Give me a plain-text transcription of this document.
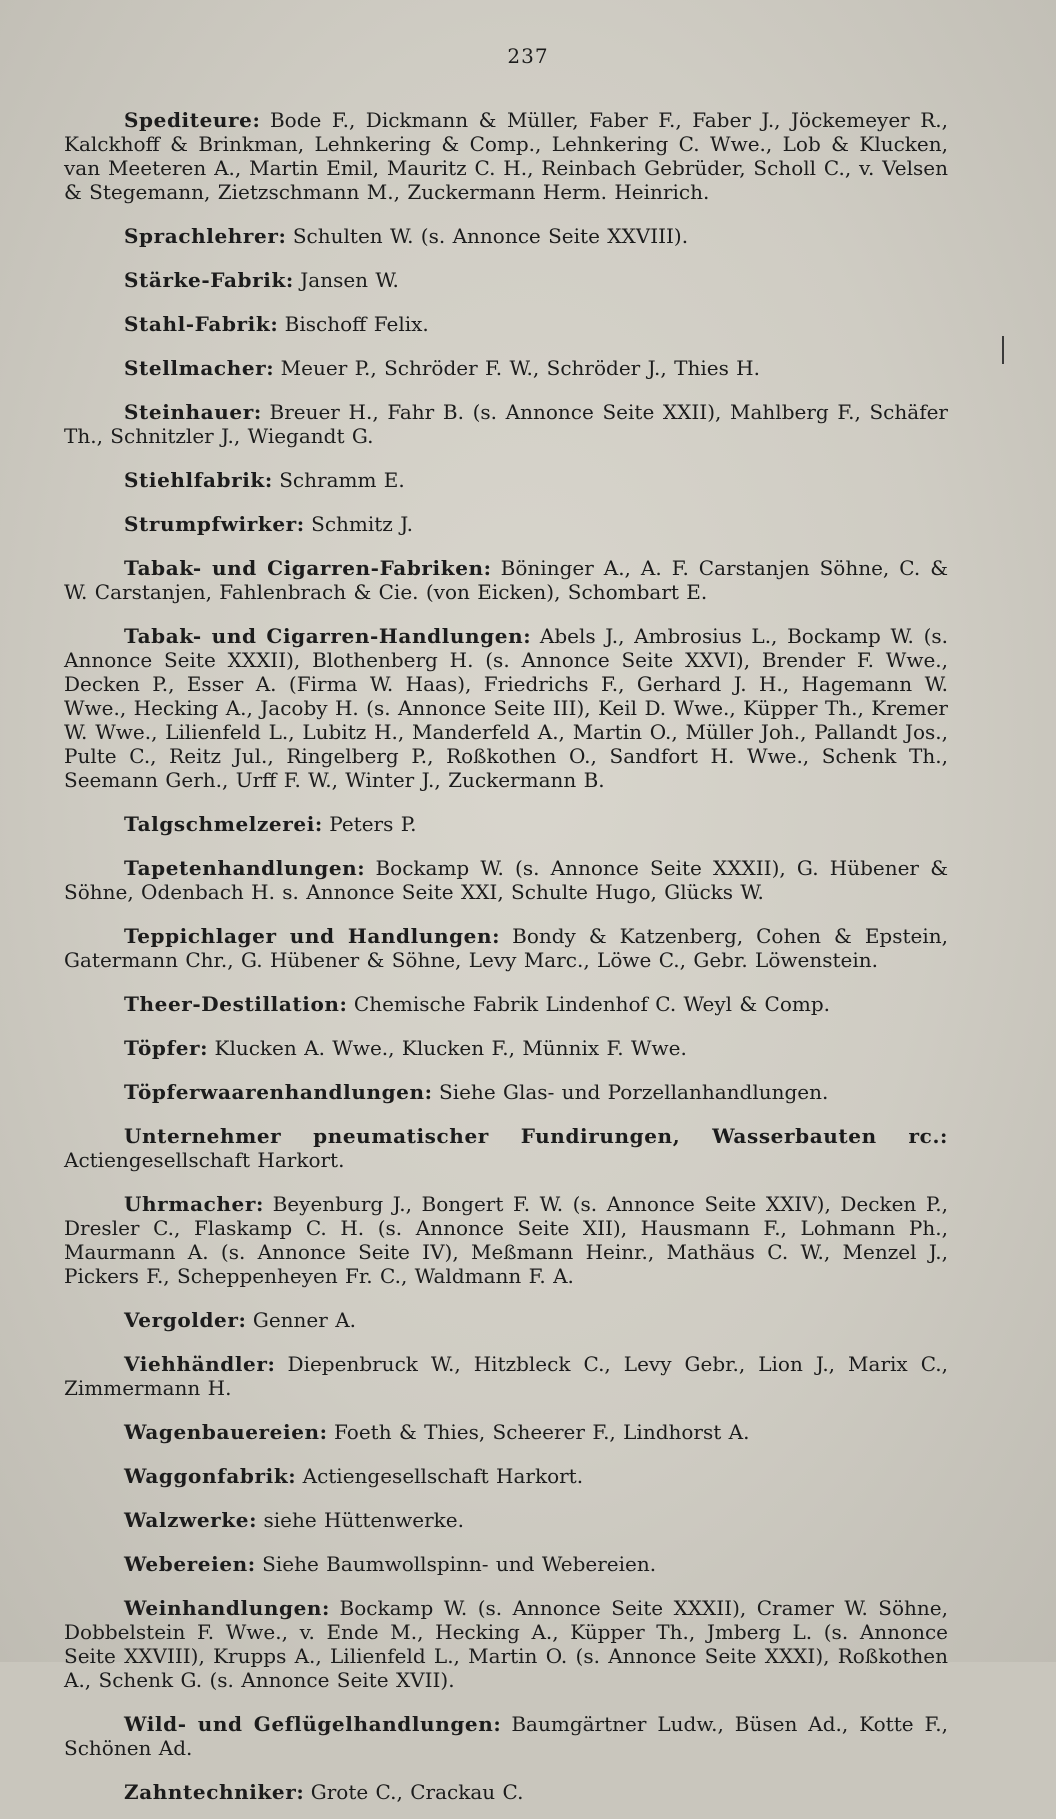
237

Spediteure: Bode F., Dickmann & Müller, Faber F., Faber J., Jöckemeyer R., Kalckhoff & Brinkman, Lehnkering & Comp., Lehnkering C. Wwe., Lob & Klucken, van Meeteren A., Martin Emil, Mauritz C. H., Reinbach Gebrüder, Scholl C., v. Velsen & Stegemann, Zietzschmann M., Zuckermann Herm. Heinrich.

Sprachlehrer: Schulten W. (s. Annonce Seite XXVIII).

Stärke-Fabrik: Jansen W.

Stahl-Fabrik: Bischoff Felix.

Stellmacher: Meuer P., Schröder F. W., Schröder J., Thies H.

Steinhauer: Breuer H., Fahr B. (s. Annonce Seite XXII), Mahlberg F., Schäfer Th., Schnitzler J., Wiegandt G.

Stiehlfabrik: Schramm E.

Strumpfwirker: Schmitz J.

Tabak- und Cigarren-Fabriken: Böninger A., A. F. Carstanjen Söhne, C. & W. Carstanjen, Fahlenbrach & Cie. (von Eicken), Schombart E.

Tabak- und Cigarren-Handlungen: Abels J., Ambrosius L., Bockamp W. (s. Annonce Seite XXXII), Blothenberg H. (s. Annonce Seite XXVI), Brender F. Wwe., Decken P., Esser A. (Firma W. Haas), Friedrichs F., Gerhard J. H., Hagemann W. Wwe., Hecking A., Jacoby H. (s. Annonce Seite III), Keil D. Wwe., Küpper Th., Kremer W. Wwe., Lilienfeld L., Lubitz H., Manderfeld A., Martin O., Müller Joh., Pallandt Jos., Pulte C., Reitz Jul., Ringelberg P., Roßkothen O., Sandfort H. Wwe., Schenk Th., Seemann Gerh., Urff F. W., Winter J., Zuckermann B.

Talgschmelzerei: Peters P.

Tapetenhandlungen: Bockamp W. (s. Annonce Seite XXXII), G. Hübener & Söhne, Odenbach H. s. Annonce Seite XXI, Schulte Hugo, Glücks W.

Teppichlager und Handlungen: Bondy & Katzenberg, Cohen & Epstein, Gatermann Chr., G. Hübener & Söhne, Levy Marc., Löwe C., Gebr. Löwenstein.

Theer-Destillation: Chemische Fabrik Lindenhof C. Weyl & Comp.

Töpfer: Klucken A. Wwe., Klucken F., Münnix F. Wwe.

Töpferwaarenhandlungen: Siehe Glas- und Porzellanhandlungen.

Unternehmer pneumatischer Fundirungen, Wasserbauten rc.: Actiengesellschaft Harkort.

Uhrmacher: Beyenburg J., Bongert F. W. (s. Annonce Seite XXIV), Decken P., Dresler C., Flaskamp C. H. (s. Annonce Seite XII), Hausmann F., Lohmann Ph., Maurmann A. (s. Annonce Seite IV), Meßmann Heinr., Mathäus C. W., Menzel J., Pickers F., Scheppenheyen Fr. C., Waldmann F. A.

Vergolder: Genner A.

Viehhändler: Diepenbruck W., Hitzbleck C., Levy Gebr., Lion J., Marix C., Zimmermann H.

Wagenbauereien: Foeth & Thies, Scheerer F., Lindhorst A.

Waggonfabrik: Actiengesellschaft Harkort.

Walzwerke: siehe Hüttenwerke.

Webereien: Siehe Baumwollspinn- und Webereien.

Weinhandlungen: Bockamp W. (s. Annonce Seite XXXII), Cramer W. Söhne, Dobbelstein F. Wwe., v. Ende M., Hecking A., Küpper Th., Jmberg L. (s. Annonce Seite XXVIII), Krupps A., Lilienfeld L., Martin O. (s. Annonce Seite XXXI), Roßkothen A., Schenk G. (s. Annonce Seite XVII).

Wild- und Geflügelhandlungen: Baumgärtner Ludw., Büsen Ad., Kotte F., Schönen Ad.

Zahntechniker: Grote C., Crackau C.
